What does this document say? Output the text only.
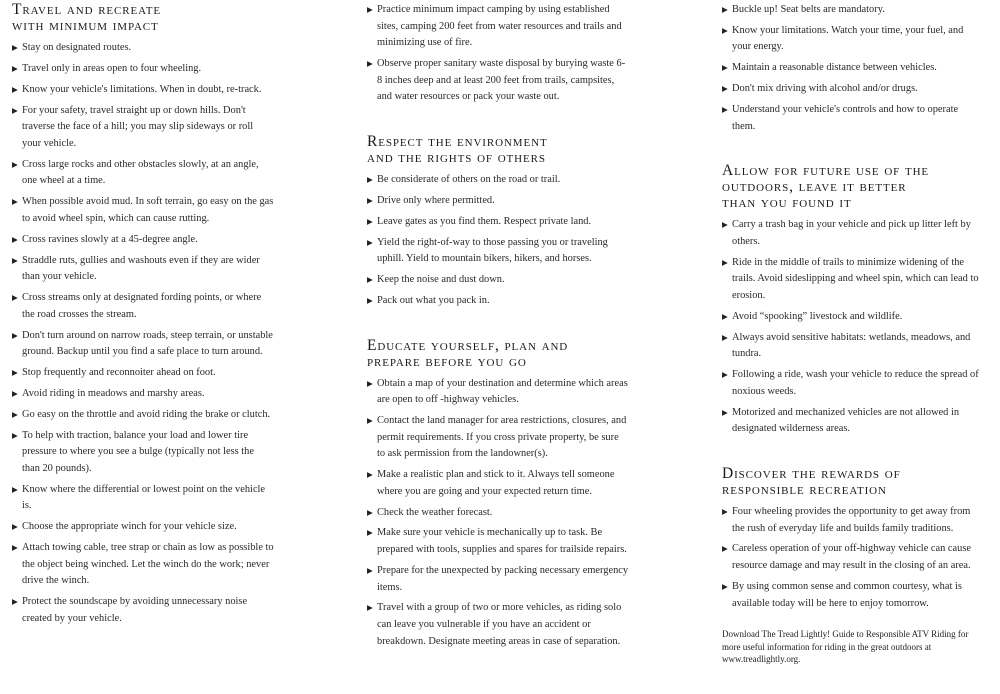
Travel and recreate
with minimum impact
▶ Stay on designated routes.
▶ Travel only in areas open to four wheeling.
▶ Know your vehicle's limitations. When in doubt, re-track.
▶ For your safety, travel straight up or down hills. Don't traverse the face of a hill; you may slip sideways or roll your vehicle.
▶ Cross large rocks and other obstacles slowly, at an angle, one wheel at a time.
▶ When possible avoid mud. In soft terrain, go easy on the gas to avoid wheel spin, which can cause rutting.
▶ Cross ravines slowly at a 45-degree angle.
▶ Straddle ruts, gullies and washouts even if they are wider than your vehicle.
▶ Cross streams only at designated fording points, or where the road crosses the stream.
▶ Don't turn around on narrow roads, steep terrain, or unstable ground. Backup until you find a safe place to turn around.
▶ Stop frequently and reconnoiter ahead on foot.
▶ Avoid riding in meadows and marshy areas.
▶ Go easy on the throttle and avoid riding the brake or clutch.
▶ To help with traction, balance your load and lower tire pressure to where you see a bulge (typically not less the than 20 pounds).
▶ Know where the differential or lowest point on the vehicle is.
▶ Choose the appropriate winch for your vehicle size.
▶ Attach towing cable, tree strap or chain as low as possible to the object being winched. Let the winch do the work; never drive the winch.
▶ Protect the soundscape by avoiding unnecessary noise created by your vehicle.
▶ Practice minimum impact camping by using established sites, camping 200 feet from water resources and trails and minimizing use of fire.
▶ Observe proper sanitary waste disposal by burying waste 6-8 inches deep and at least 200 feet from trails, campsites, and water resources or pack your waste out.
Respect the environment
and the rights of others
▶ Be considerate of others on the road or trail.
▶ Drive only where permitted.
▶ Leave gates as you find them. Respect private land.
▶ Yield the right-of-way to those passing you or traveling uphill. Yield to mountain bikers, hikers, and horses.
▶ Keep the noise and dust down.
▶ Pack out what you pack in.
Educate yourself, plan and
prepare before you go
▶ Obtain a map of your destination and determine which areas are open to off -highway vehicles.
▶ Contact the land manager for area restrictions, closures, and permit requirements. If you cross private property, be sure to ask permission from the landowner(s).
▶ Make a realistic plan and stick to it. Always tell someone where you are going and your expected return time.
▶ Check the weather forecast.
▶ Make sure your vehicle is mechanically up to task. Be prepared with tools, supplies and spares for trailside repairs.
▶ Prepare for the unexpected by packing necessary emergency items.
▶ Travel with a group of two or more vehicles, as riding solo can leave you vulnerable if you have an accident or breakdown. Designate meeting areas in case of separation.
▶ Buckle up! Seat belts are mandatory.
▶ Know your limitations. Watch your time, your fuel, and your energy.
▶ Maintain a reasonable distance between vehicles.
▶ Don't mix driving with alcohol and/or drugs.
▶ Understand your vehicle's controls and how to operate them.
Allow for future use of the
outdoors, leave it better
than you found it
▶ Carry a trash bag in your vehicle and pick up litter left by others.
▶ Ride in the middle of trails to minimize widening of the trails. Avoid sideslipping and wheel spin, which can lead to erosion.
▶ Avoid “spooking” livestock and wildlife.
▶ Always avoid sensitive habitats: wetlands, meadows, and tundra.
▶ Following a ride, wash your vehicle to reduce the spread of noxious weeds.
▶ Motorized and mechanized vehicles are not allowed in designated wilderness areas.
Discover the rewards of
responsible recreation
▶ Four wheeling provides the opportunity to get away from the rush of everyday life and builds family traditions.
▶ Careless operation of your off-highway vehicle can cause resource damage and may result in the closing of an area.
▶ By using common sense and common courtesy, what is available today will be here to enjoy tomorrow.

Download The Tread Lightly! Guide to Responsible ATV Riding for more useful information for riding in the great outdoors at www.treadlightly.org.
